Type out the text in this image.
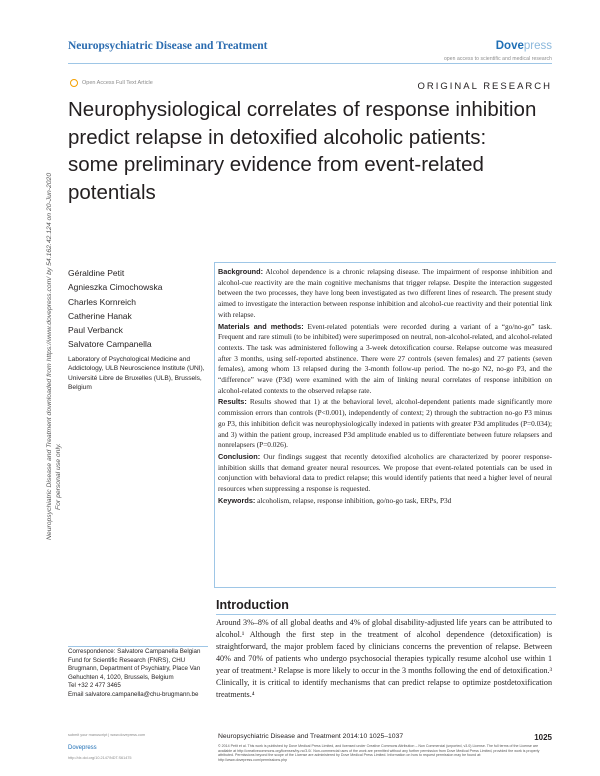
Neuropsychiatric Disease and Treatment	Dovepress
open access to scientific and medical research
Open Access Full Text Article	ORIGINAL RESEARCH
Neurophysiological correlates of response inhibition predict relapse in detoxified alcoholic patients: some preliminary evidence from event-related potentials
Neuropsychiatric Disease and Treatment downloaded from https://www.dovepress.com/ by 54.162.42.124 on 20-Jun-2020 For personal use only.
Géraldine Petit
Agnieszka Cimochowska
Charles Kornreich
Catherine Hanak
Paul Verbanck
Salvatore Campanella
Laboratory of Psychological Medicine and Addictology, ULB Neuroscience Institute (UNI), Université Libre de Bruxelles (ULB), Brussels, Belgium

Background: Alcohol dependence is a chronic relapsing disease. The impairment of response inhibition and alcohol-cue reactivity are the main cognitive mechanisms that trigger relapse. Despite the interaction suggested between the two processes, they have long been investigated as two different lines of research. The present study aimed to investigate the interaction between response inhibition and alcohol-cue reactivity and their potential link with relapse.

Materials and methods: Event-related potentials were recorded during a variant of a “go/no-go” task. Frequent and rare stimuli (to be inhibited) were superimposed on neutral, non-alcohol-related, and alcohol-related contexts. The task was administered following a 3-week detoxification course. Relapse outcome was measured after 3 months, using self-reported abstinence. There were 27 controls (seven females) and 27 patients (seven females), among whom 13 relapsed during the 3-month follow-up period. The no-go N2, no-go P3, and the “difference” wave (P3d) were examined with the aim of linking neural correlates of response inhibition on alcohol-related contexts to the observed relapse rate.

Results: Results showed that 1) at the behavioral level, alcohol-dependent patients made significantly more commission errors than controls (P<0.001), independently of context; 2) through the subtraction no-go P3 minus go P3, this inhibition deficit was neurophysiologically indexed in patients with greater P3d amplitudes (P=0.034); and 3) within the patient group, increased P3d amplitude enabled us to differentiate between future relapsers and nonrelapsers (P=0.026).

Conclusion: Our findings suggest that recently detoxified alcoholics are characterized by poorer response-inhibition skills that demand greater neural resources. We propose that event-related potentials can be used in conjunction with behavioral data to predict relapse; this would identify patients that need a higher level of neural resources when suppressing a response is requested.

Keywords: alcoholism, relapse, response inhibition, go/no-go task, ERPs, P3d

Introduction
Around 3%–8% of all global deaths and 4% of global disability-adjusted life years can be attributed to alcohol.¹ Although the first step in the treatment of alcohol dependence (detoxification) is straightforward, the major problem faced by clinicians concerns the prevention of relapse. Between 40% and 70% of patients who undergo psychosocial therapies typically resume alcohol use within 1 year of treatment.² Relapse is more likely to occur in the 3 months following the end of detoxification.³ Clinically, it is critical to identify mechanisms that can predict relapse to optimize postdetoxification treatments.⁴
Correspondence: Salvatore Campanella Belgian Fund for Scientific Research (FNRS), CHU Brugmann, Department of Psychiatry, Place Van Gehuchten 4, 1020, Brussels, Belgium
Tel +32 2 477 3465
Email salvatore.campanella@chu-brugmann.be
submit your manuscript | www.dovepress.com
Dovepress
http://dx.doi.org/10.2147/NDT.S61475
Neuropsychiatric Disease and Treatment 2014:10 1025–1037	1025
© 2014 Petit et al. This work is published by Dove Medical Press Limited, and licensed under Creative Commons Attribution – Non Commercial (unported, v3.0) License. The full terms of the License are available at http://creativecommons.org/licenses/by-nc/3.0/. Non-commercial uses of the work are permitted without any further permission from Dove Medical Press Limited, provided the work is properly attributed. Permissions beyond the scope of the License are administered by Dove Medical Press Limited. Information on how to request permission may be found at: http://www.dovepress.com/permissions.php
